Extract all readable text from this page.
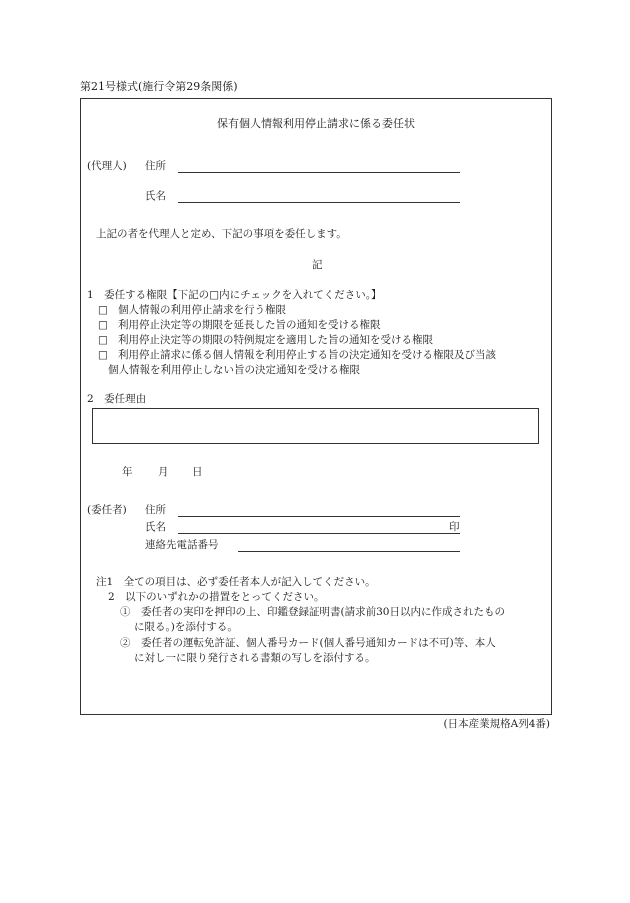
第21号様式(施行令第29条関係)
保有個人情報利用停止請求に係る委任状
(代理人) 住所
氏名
上記の者を代理人と定め、下記の事項を委任します。
記
1　委任する権限【下記の□内にチェックを入れてください。】
□ 個人情報の利用停止請求を行う権限
□ 利用停止決定等の期限を延長した旨の通知を受ける権限
□ 利用停止決定等の期限の特例規定を適用した旨の通知を受ける権限
□ 利用停止請求に係る個人情報を利用停止する旨の決定通知を受ける権限及び当該
個人情報を利用停止しない旨の決定通知を受ける権限
2　委任理由
年 月 日
(委任者) 住所
氏名	印
連絡先電話番号
注1　全ての項目は、必ず委任者本人が記入してください。
2　以下のいずれかの措置をとってください。
①　委任者の実印を押印の上、印鑑登録証明書(請求前30日以内に作成されたもの
に限る。)を添付する。
②　委任者の運転免許証、個人番号カード(個人番号通知カードは不可)等、本人
に対し一に限り発行される書類の写しを添付する。
(日本産業規格A列4番)
